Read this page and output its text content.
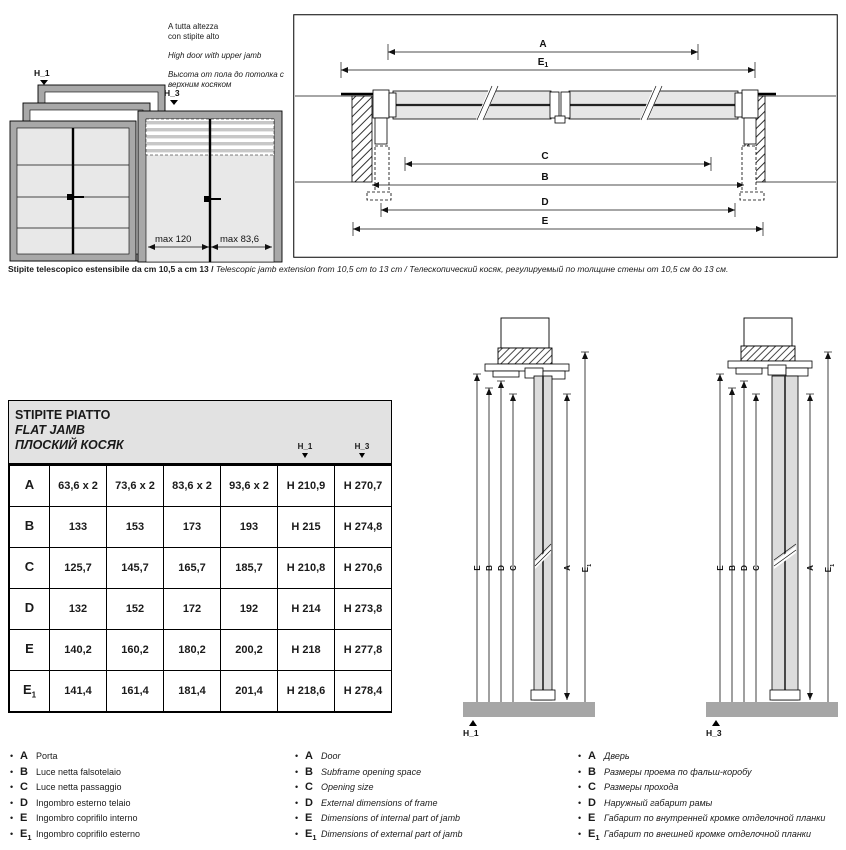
A tutta altezza
con stipite alto
High door with upper jamb
Высота от пола до потолка с
верхним косяком
H_1
H_3
max 120	max 83,6
A
$E_1$
C
B
D
E
Stipite telescopico estensibile da cm 10,5 a cm 13 / Telescopic jamb extension from 10,5 cm to 13 cm / Телескопический косяк, регулируемый по толщине стены от 10,5 см до 13 см.
STIPITE PIATTO
FLAT JAMB
ПЛОСКИЙ КОСЯК	H_1	H_3
A	63,6 x 2	73,6 x 2	83,6 x 2	93,6 x 2	H 210,9	H 270,7
B	133	153	173	193	H 215	H 274,8
C	125,7	145,7	165,7	185,7	H 210,8	H 270,6
D	132	152	172	192	H 214	H 273,8
E	140,2	160,2	180,2	200,2	H 218	H 277,8
$E_1$	141,4	161,4	181,4	201,4	H 218,6	H 278,4
E B D C	A $E_1$
H_1
E B D C	A $E_1$
H_3
• A Porta
• B Luce netta falsotelaio
• C Luce netta passaggio
• D Ingombro esterno telaio
• E Ingombro coprifilo interno
• $E_1$ Ingombro coprifilo esterno
• A Door
• B Subframe opening space
• C Opening size
• D External dimensions of frame
• E Dimensions of internal part of jamb
• $E_1$ Dimensions of external part of jamb
• A Дверь
• B Размеры проема по фальш-коробу
• C Размеры прохода
• D Наружный габарит рамы
• E Габарит по внутренней кромке отделочной планки
• $E_1$ Габарит по внешней кромке отделочной планки
